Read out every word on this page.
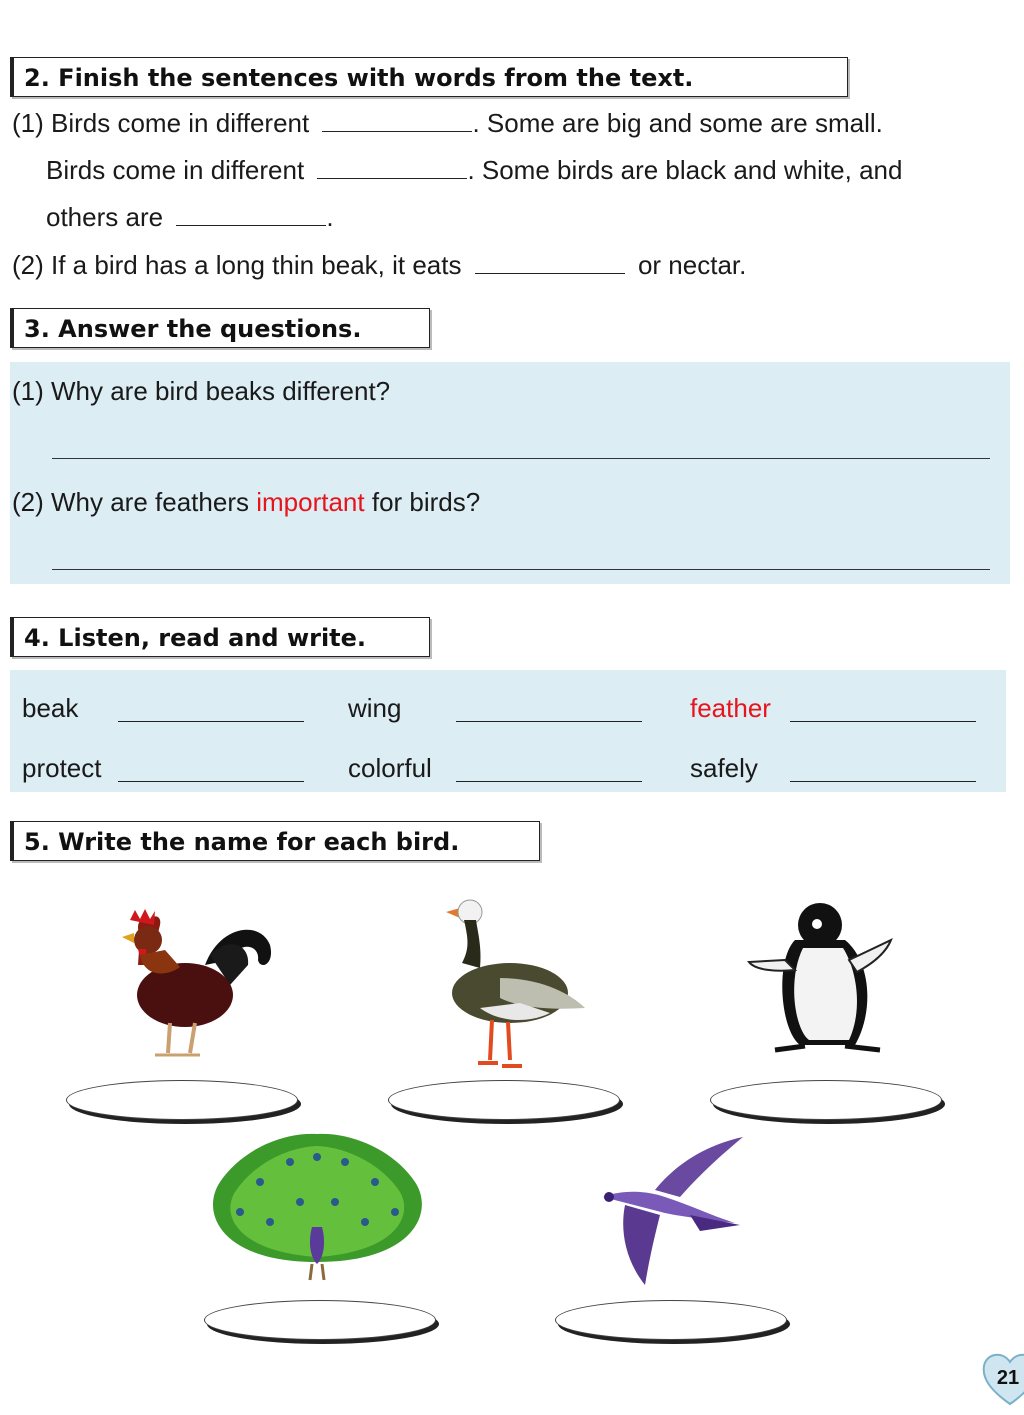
2. Finish the sentences with words from the text.
(1) Birds come in different	. Some are big and some are small.
Birds come in different	. Some birds are black and white, and
others are	.
(2) If a bird has a long thin beak, it eats	or nectar.
3. Answer the questions.
(1) Why are bird beaks different?
(2) Why are feathers important for birds?
4. Listen, read and write.
beak	wing	feather
protect	colorful	safely
5. Write the name for each bird.
21
